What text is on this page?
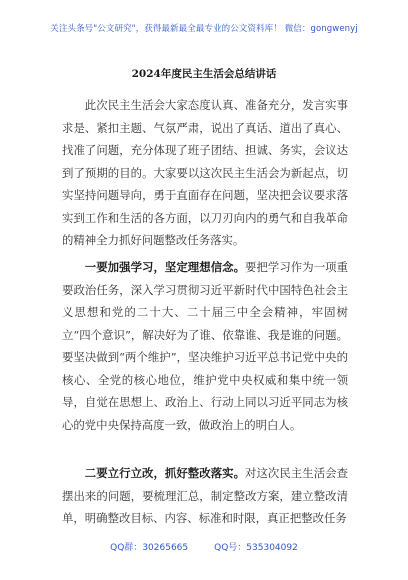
关注头条号"公文研究"，获得最新最全最专业的公文资料库！ 微信：gongwenyj
2024年度民主生活会总结讲话

此次民主生活会大家态度认真、准备充分，发言实事求是、紧扣主题、气氛严肃，说出了真话、道出了真心、找准了问题，充分体现了班子团结、担诚、务实，会议达到了预期的目的。大家要以这次民主生活会为新起点，切实坚持问题导向，勇于直面存在问题，坚决把会议要求落实到工作和生活的各方面，以刀刃向内的勇气和自我革命的精神全力抓好问题整改任务落实。

一要加强学习，坚定理想信念。要把学习作为一项重要政治任务，深入学习贯彻习近平新时代中国特色社会主义思想和党的二十大、二十届三中全会精神，牢固树立“四个意识”，解决好为了谁、依靠谁、我是谁的问题。要坚决做到“两个维护”，坚决维护习近平总书记党中央的核心、全党的核心地位，维护党中央权威和集中统一领导，自觉在思想上、政治上、行动上同以习近平同志为核心的党中央保持高度一致，做政治上的明白人。

二要立行立改，抓好整改落实。对这次民主生活会查摆出来的问题，要梳理汇总，制定整改方案，建立整改清单，明确整改目标、内容、标准和时限，真正把整改任务

QQ群：30265665	QQ号：535304092
